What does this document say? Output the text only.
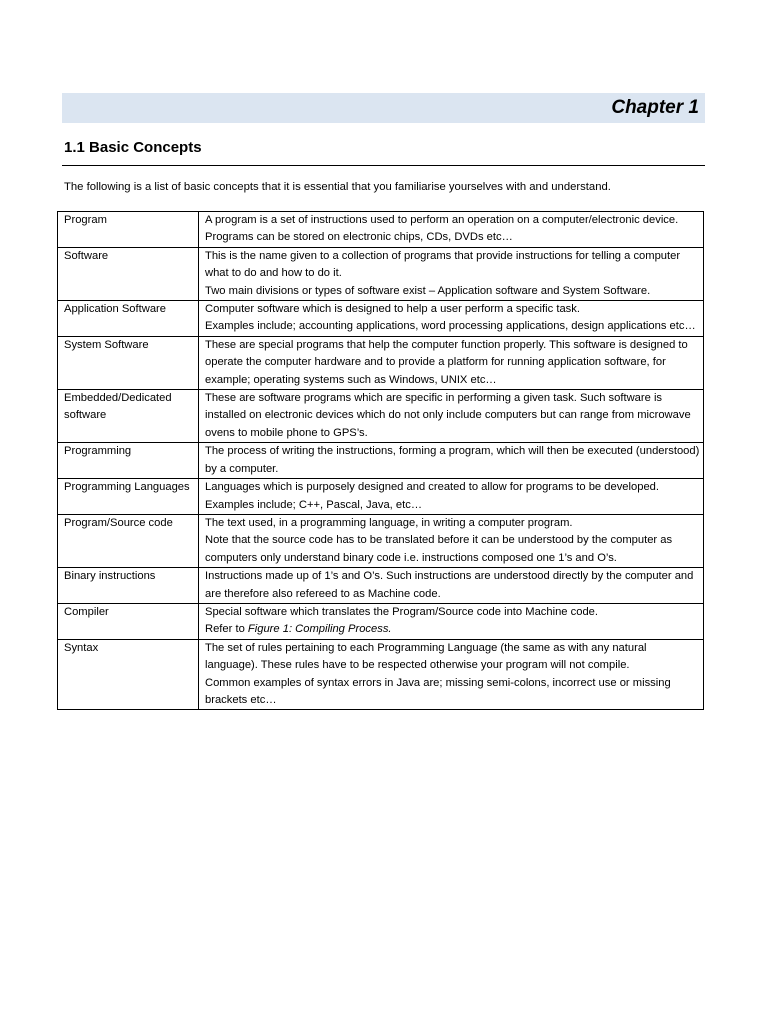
Chapter 1
1.1 Basic Concepts

The following is a list of basic concepts that it is essential that you familiarise yourselves with and understand.

Program	A program is a set of instructions used to perform an operation on a computer/electronic device.
Programs can be stored on electronic chips, CDs, DVDs etc…

Software	This is the name given to a collection of programs that provide instructions for telling a computer what to do and how to do it.
Two main divisions or types of software exist – Application software and System Software.

Application Software	Computer software which is designed to help a user perform a specific task.
Examples include; accounting applications, word processing applications, design applications etc…

System Software	These are special programs that help the computer function properly. This software is designed to operate the computer hardware and to provide a platform for running application software, for example; operating systems such as Windows, UNIX etc…

Embedded/Dedicated software	These are software programs which are specific in performing a given task. Such software is installed on electronic devices which do not only include computers but can range from microwave ovens to mobile phone to GPS’s.

Programming	The process of writing the instructions, forming a program, which will then be executed (understood) by a computer.

Programming Languages	Languages which is purposely designed and created to allow for programs to be developed.
Examples include; C++, Pascal, Java, etc…

Program/Source code	The text used, in a programming language, in writing a computer program.
Note that the source code has to be translated before it can be understood by the computer as computers only understand binary code i.e. instructions composed one 1’s and O’s.

Binary instructions	Instructions made up of 1’s and O’s. Such instructions are understood directly by the computer and are therefore also refereed to as Machine code.

Compiler	Special software which translates the Program/Source code into Machine code.
Refer to Figure 1: Compiling Process.

Syntax	The set of rules pertaining to each Programming Language (the same as with any natural language). These rules have to be respected otherwise your program will not compile.
Common examples of syntax errors in Java are; missing semi-colons, incorrect use or missing brackets etc…
